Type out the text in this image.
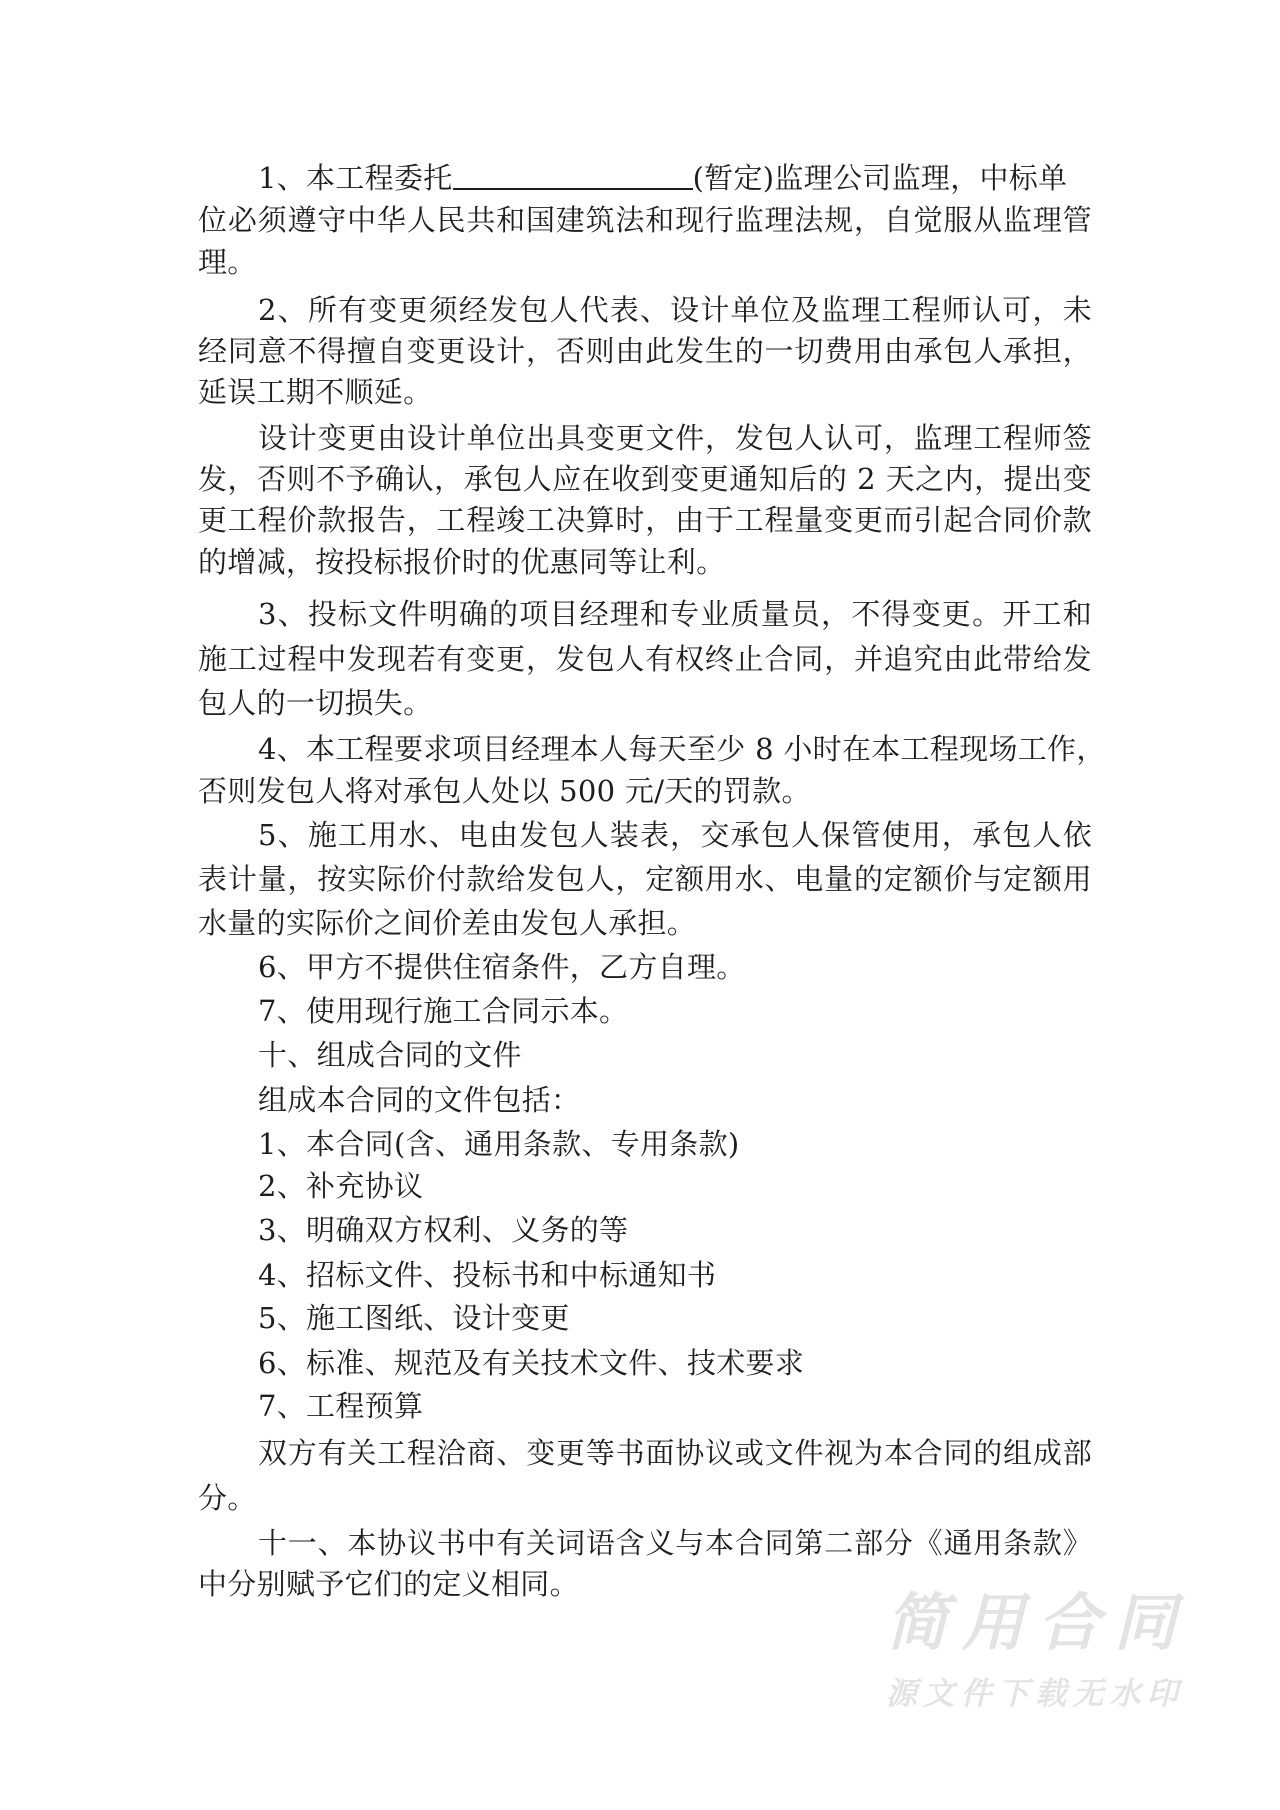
1、本工程委托	(暂定)监理公司监理，中标单
位必须遵守中华人民共和国建筑法和现行监理法规，自觉服从监理管
理。
2、所有变更须经发包人代表、设计单位及监理工程师认可，未
经同意不得擅自变更设计，否则由此发生的一切费用由承包人承担，
延误工期不顺延。
设计变更由设计单位出具变更文件，发包人认可，监理工程师签
发，否则不予确认，承包人应在收到变更通知后的 2 天之内，提出变
更工程价款报告，工程竣工决算时，由于工程量变更而引起合同价款
的增减，按投标报价时的优惠同等让利。
3、投标文件明确的项目经理和专业质量员，不得变更。开工和
施工过程中发现若有变更，发包人有权终止合同，并追究由此带给发
包人的一切损失。
4、本工程要求项目经理本人每天至少 8 小时在本工程现场工作，
否则发包人将对承包人处以 500 元/天的罚款。
5、施工用水、电由发包人装表，交承包人保管使用，承包人依
表计量，按实际价付款给发包人，定额用水、电量的定额价与定额用
水量的实际价之间价差由发包人承担。
6、甲方不提供住宿条件，乙方自理。
7、使用现行施工合同示本。
十、组成合同的文件
组成本合同的文件包括：
1、本合同(含、通用条款、专用条款)
2、补充协议
3、明确双方权利、义务的等
4、招标文件、投标书和中标通知书
5、施工图纸、设计变更
6、标准、规范及有关技术文件、技术要求
7、工程预算
双方有关工程洽商、变更等书面协议或文件视为本合同的组成部
分。
十一、本协议书中有关词语含义与本合同第二部分《通用条款》
中分别赋予它们的定义相同。
简用合同
源文件下载无水印
